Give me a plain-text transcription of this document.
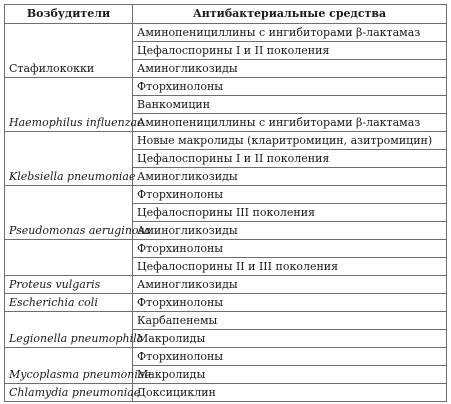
Возбудители	Антибактериальные средства
	Аминопенициллины с ингибиторами β-лактамаз
	Цефалоспорины I и II поколения
Стафилококки	Аминогликозиды
	Фторхинолоны
	Ванкомицин
Haemophilus influenzae	Аминопенициллины с ингибиторами β-лактамаз
	Новые макролиды (кларитромицин, азитромицин)
	Цефалоспорины I и II поколения
Klebsiella pneumoniae	Аминогликозиды
	Фторхинолоны
	Цефалоспорины III поколения
Pseudomonas aeruginosa	Аминогликозиды
	Фторхинолоны
	Цефалоспорины II и III поколения
Proteus vulgaris	Аминогликозиды
Escherichia coli	Фторхинолоны
	Карбапенемы
Legionella pneumophila	Макролиды
	Фторхинолоны
Mycoplasma pneumoniae	Макролиды
Chlamydia pneumoniae	Доксициклин
